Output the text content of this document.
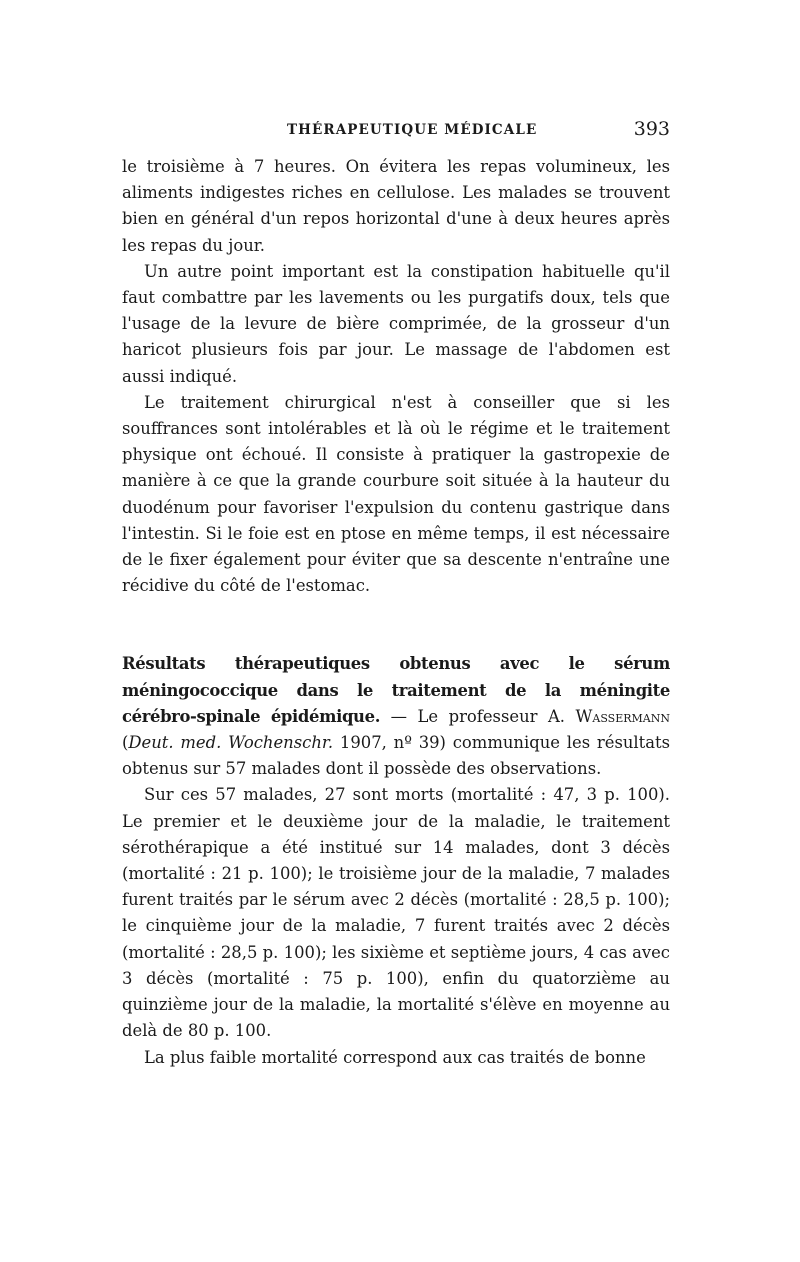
THÉRAPEUTIQUE MÉDICALE	393

le troisième à 7 heures. On évitera les repas volumineux, les aliments indigestes riches en cellulose. Les malades se trouvent bien en général d'un repos horizontal d'une à deux heures après les repas du jour.

Un autre point important est la constipation habituelle qu'il faut combattre par les lavements ou les purgatifs doux, tels que l'usage de la levure de bière comprimée, de la grosseur d'un haricot plusieurs fois par jour. Le massage de l'abdomen est aussi indiqué.

Le traitement chirurgical n'est à conseiller que si les souffrances sont intolérables et là où le régime et le traitement physique ont échoué. Il consiste à pratiquer la gastropexie de manière à ce que la grande courbure soit située à la hauteur du duodénum pour favoriser l'expulsion du contenu gastrique dans l'intestin. Si le foie est en ptose en même temps, il est nécessaire de le fixer également pour éviter que sa descente n'entraîne une récidive du côté de l'estomac.

Résultats thérapeutiques obtenus avec le sérum méningococcique dans le traitement de la méningite cérébro-spinale épidémique. — Le professeur A. Wassermann (Deut. med. Wochenschr. 1907, nº 39) communique les résultats obtenus sur 57 malades dont il possède des observations.

Sur ces 57 malades, 27 sont morts (mortalité : 47, 3 p. 100). Le premier et le deuxième jour de la maladie, le traitement sérothérapique a été institué sur 14 malades, dont 3 décès (mortalité : 21 p. 100); le troisième jour de la maladie, 7 malades furent traités par le sérum avec 2 décès (mortalité : 28,5 p. 100); le cinquième jour de la maladie, 7 furent traités avec 2 décès (mortalité : 28,5 p. 100); les sixième et septième jours, 4 cas avec 3 décès (mortalité : 75 p. 100), enfin du quatorzième au quinzième jour de la maladie, la mortalité s'élève en moyenne au delà de 80 p. 100.

La plus faible mortalité correspond aux cas traités de bonne
